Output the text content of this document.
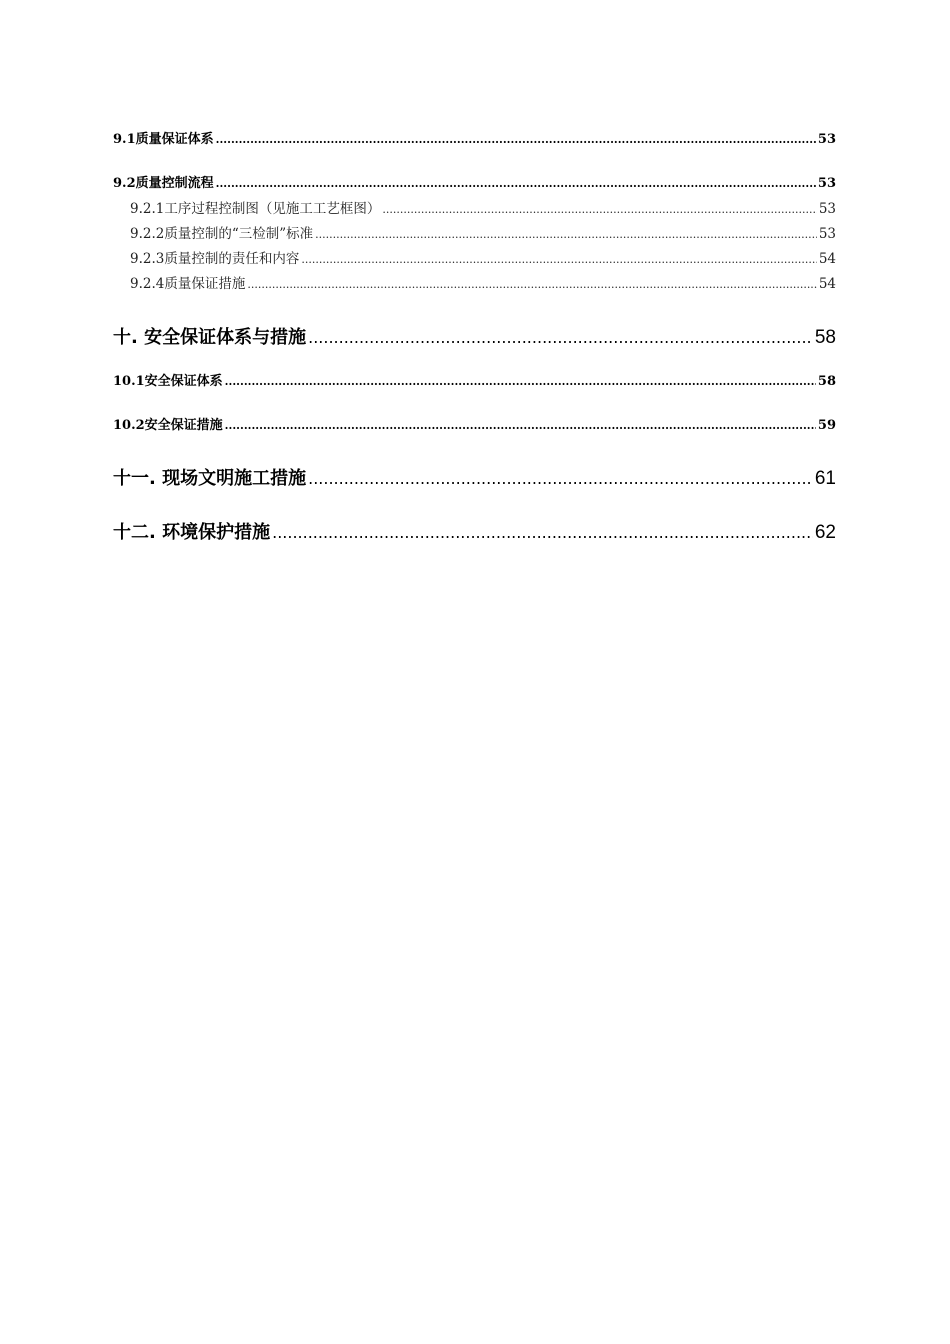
9.1质量保证体系 .....	53
9.2质量控制流程 .....	53
9.2.1工序过程控制图（见施工工艺框图） .....	53
9.2.2质量控制的“三检制”标准 .....	53
9.2.3质量控制的责任和内容 .....	54
9.2.4质量保证措施 .....	54
十. 安全保证体系与措施 .....	58
10.1安全保证体系 .....	58
10.2安全保证措施 .....	59
十一. 现场文明施工措施 .....	61
十二. 环境保护措施 .....	62
